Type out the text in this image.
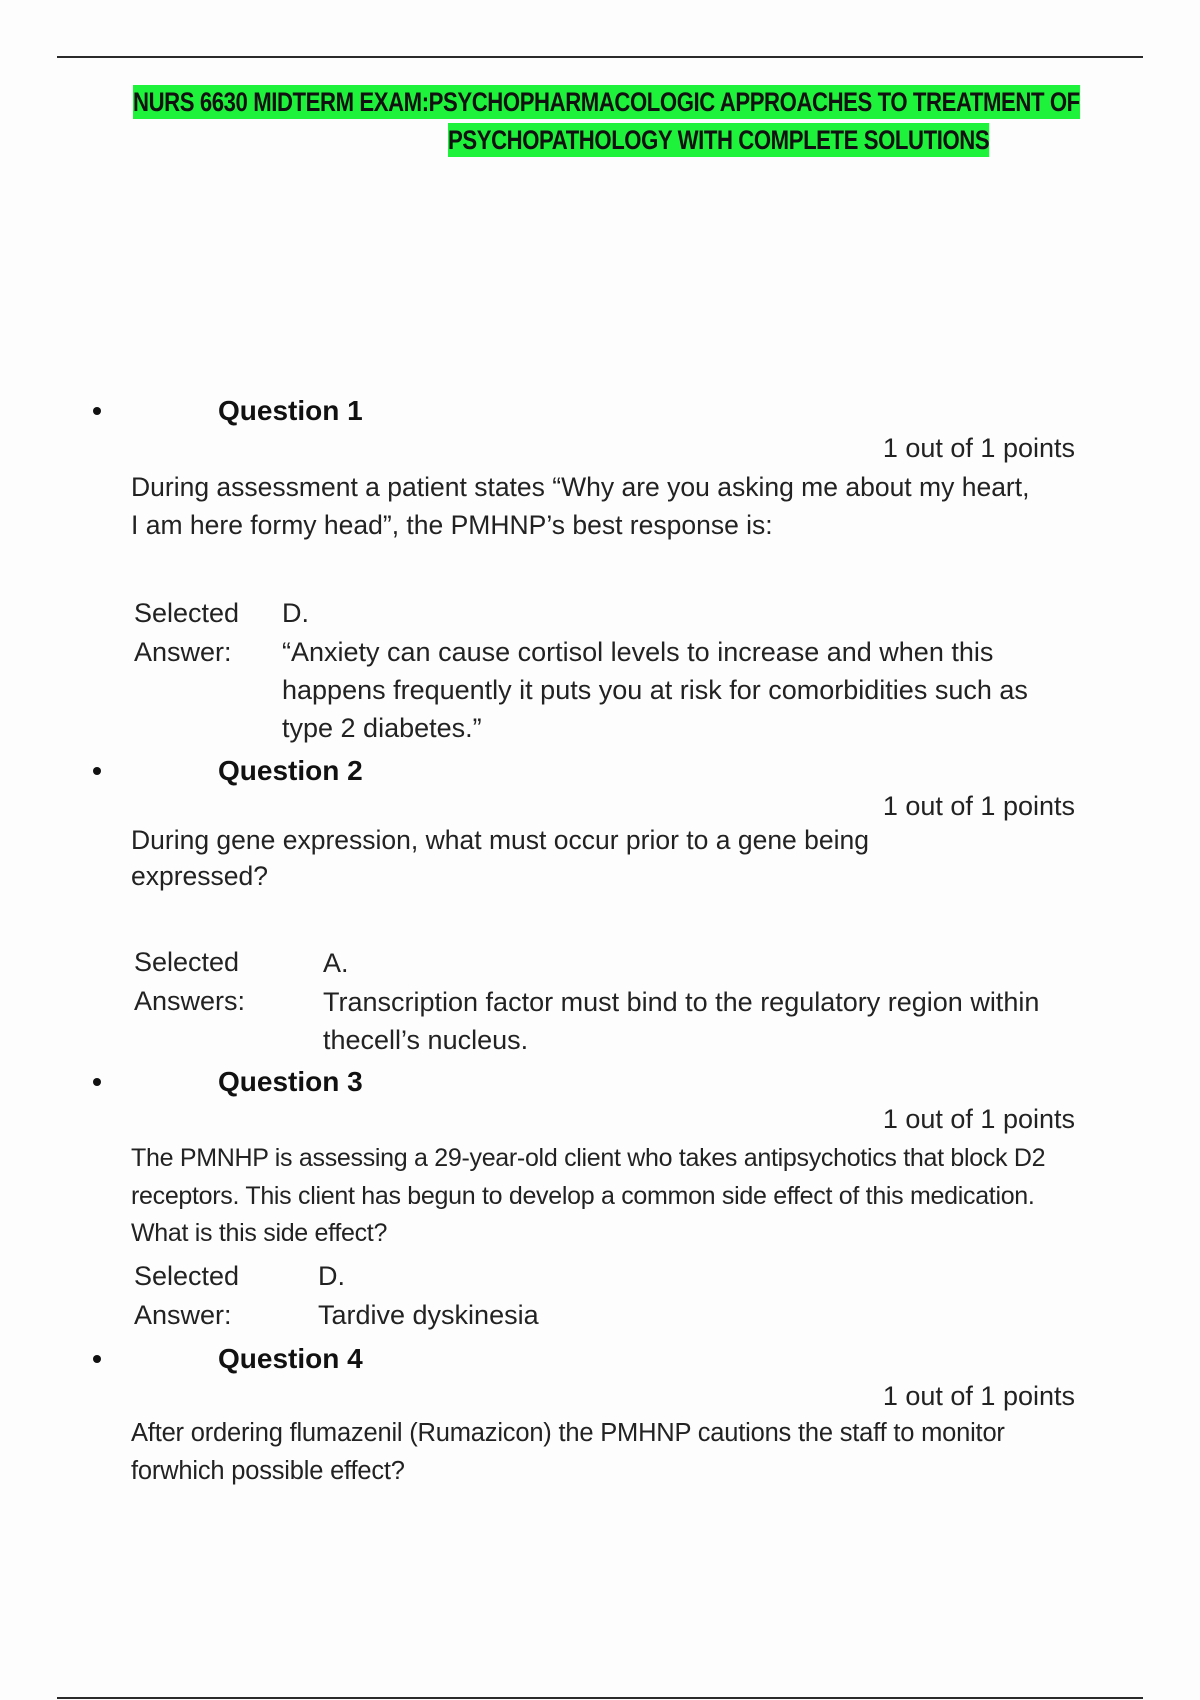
NURS 6630 MIDTERM EXAM:PSYCHOPHARMACOLOGIC APPROACHES TO TREATMENT OF
PSYCHOPATHOLOGY WITH COMPLETE SOLUTIONS
Question 1
1 out of 1 points
During assessment a patient states “Why are you asking me about my heart, I am here formy head”, the PMHNP’s best response is:
Selected
Answer:
D.
“Anxiety can cause cortisol levels to increase and when this happens frequently it puts you at risk for comorbidities such as type 2 diabetes.”
Question 2
1 out of 1 points
During gene expression, what must occur prior to a gene being expressed?
Selected
Answers:
A.
Transcription factor must bind to the regulatory region within thecell’s nucleus.
Question 3
1 out of 1 points
The PMNHP is assessing a 29-year-old client who takes antipsychotics that block D2 receptors. This client has begun to develop a common side effect of this medication. What is this side effect?
Selected
Answer:
D.
Tardive dyskinesia
Question 4
1 out of 1 points
After ordering flumazenil (Rumazicon) the PMHNP cautions the staff to monitor forwhich possible effect?
